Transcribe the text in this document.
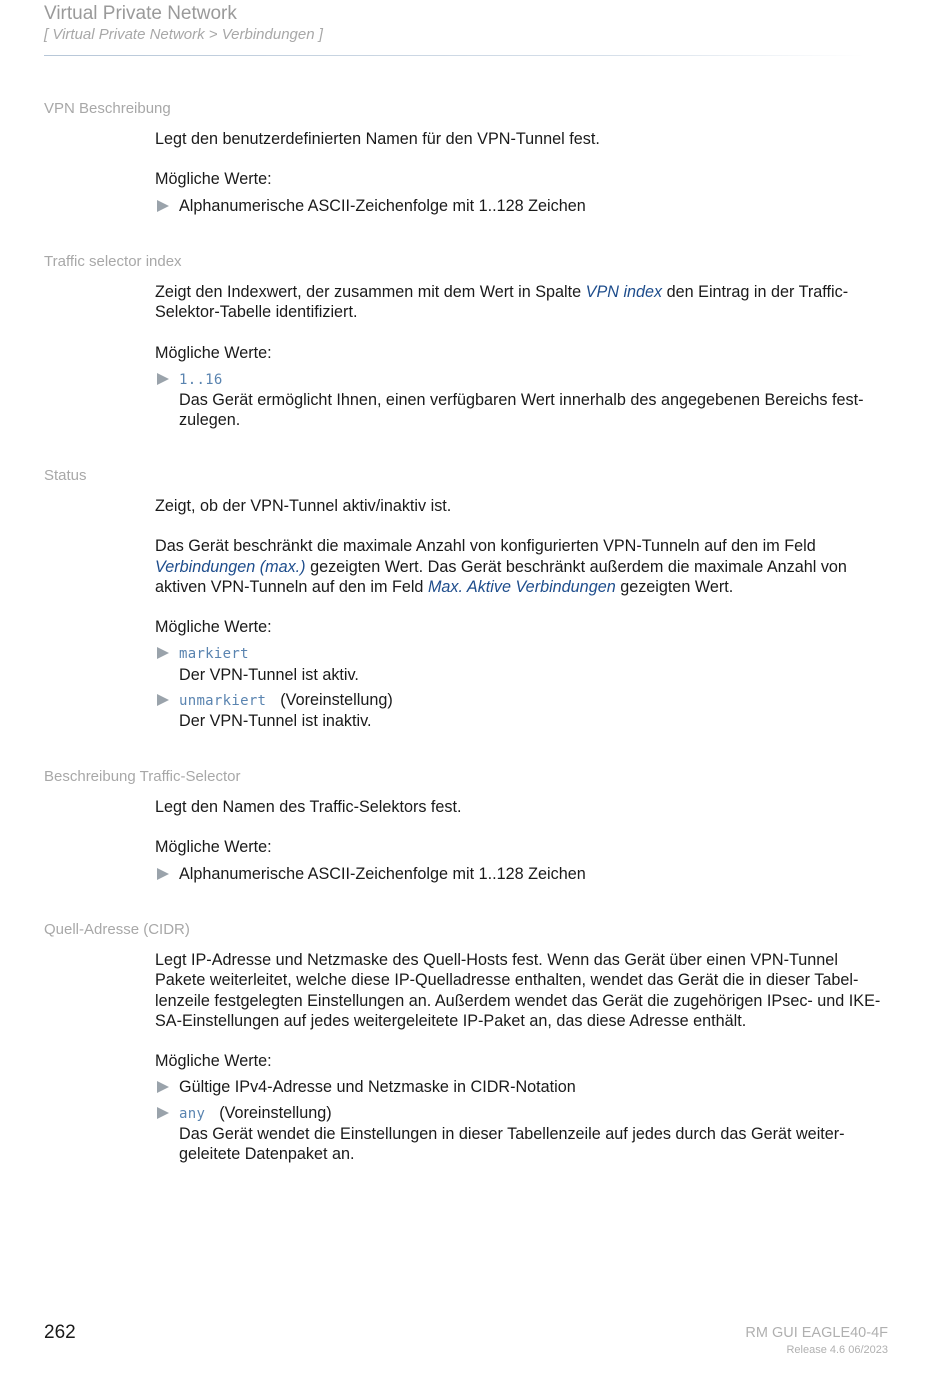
Virtual Private Network
[ Virtual Private Network > Verbindungen ]
VPN Beschreibung

Legt den benutzerdefinierten Namen für den VPN-Tunnel fest.

Mögliche Werte:

Alphanumerische ASCII-Zeichenfolge mit 1..128 Zeichen
Traffic selector index

Zeigt den Indexwert, der zusammen mit dem Wert in Spalte VPN index den Eintrag in der Traffic-Selektor-Tabelle identifiziert.

Mögliche Werte:

1..16
Das Gerät ermöglicht Ihnen, einen verfügbaren Wert innerhalb des angegebenen Bereichs fest-zulegen.
Status

Zeigt, ob der VPN-Tunnel aktiv/inaktiv ist.

Das Gerät beschränkt die maximale Anzahl von konfigurierten VPN-Tunneln auf den im Feld Verbindungen (max.) gezeigten Wert. Das Gerät beschränkt außerdem die maximale Anzahl von aktiven VPN-Tunneln auf den im Feld Max. Aktive Verbindungen gezeigten Wert.

Mögliche Werte:

markiert
Der VPN-Tunnel ist aktiv.
unmarkiert (Voreinstellung)
Der VPN-Tunnel ist inaktiv.
Beschreibung Traffic-Selector

Legt den Namen des Traffic-Selektors fest.

Mögliche Werte:

Alphanumerische ASCII-Zeichenfolge mit 1..128 Zeichen
Quell-Adresse (CIDR)

Legt IP-Adresse und Netzmaske des Quell-Hosts fest. Wenn das Gerät über einen VPN-Tunnel Pakete weiterleitet, welche diese IP-Quelladresse enthalten, wendet das Gerät die in dieser Tabel-lenzeile festgelegten Einstellungen an. Außerdem wendet das Gerät die zugehörigen IPsec- und IKE-SA-Einstellungen auf jedes weitergeleitete IP-Paket an, das diese Adresse enthält.

Mögliche Werte:

Gültige IPv4-Adresse und Netzmaske in CIDR-Notation
any (Voreinstellung)
Das Gerät wendet die Einstellungen in dieser Tabellenzeile auf jedes durch das Gerät weiter-geleitete Datenpaket an.
262	RM GUI EAGLE40-4F
Release 4.6 06/2023
